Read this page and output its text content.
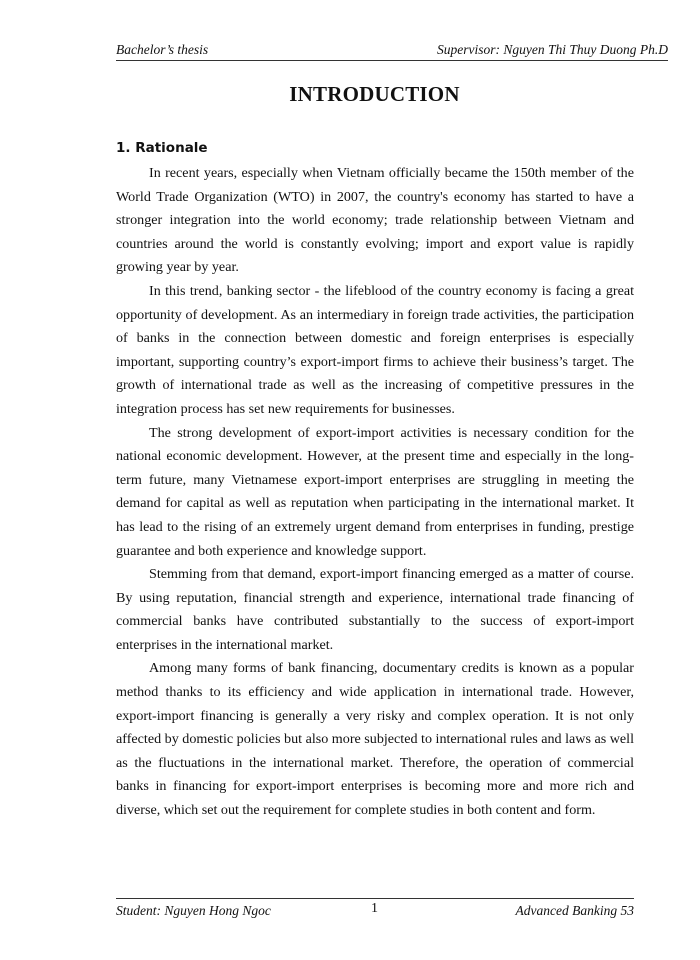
Bachelor’s thesis	Supervisor: Nguyen Thi Thuy Duong Ph.D
INTRODUCTION
1. Rationale

In recent years, especially when Vietnam officially became the 150th member of the World Trade Organization (WTO) in 2007, the country's economy has started to have a stronger integration into the world economy; trade relationship between Vietnam and countries around the world is constantly evolving; import and export value is rapidly growing year by year.

In this trend, banking sector - the lifeblood of the country economy is facing a great opportunity of development. As an intermediary in foreign trade activities, the participation of banks in the connection between domestic and foreign enterprises is especially important, supporting country’s export-import firms to achieve their business’s target. The growth of international trade as well as the increasing of competitive pressures in the integration process has set new requirements for businesses.

The strong development of export-import activities is necessary condition for the national economic development. However, at the present time and especially in the long-term future, many Vietnamese export-import enterprises are struggling in meeting the demand for capital as well as reputation when participating in the international market. It has lead to the rising of an extremely urgent demand from enterprises in funding, prestige guarantee and both experience and knowledge support.

Stemming from that demand, export-import financing emerged as a matter of course. By using reputation, financial strength and experience, international trade financing of commercial banks have contributed substantially to the success of export-import enterprises in the international market.

Among many forms of bank financing, documentary credits is known as a popular method thanks to its efficiency and wide application in international trade. However, export-import financing is generally a very risky and complex operation. It is not only affected by domestic policies but also more subjected to international rules and laws as well as the fluctuations in the international market. Therefore, the operation of commercial banks in financing for export-import enterprises is becoming more and more rich and diverse, which set out the requirement for complete studies in both content and form.

Student: Nguyen Hong Ngoc	1	Advanced Banking 53
